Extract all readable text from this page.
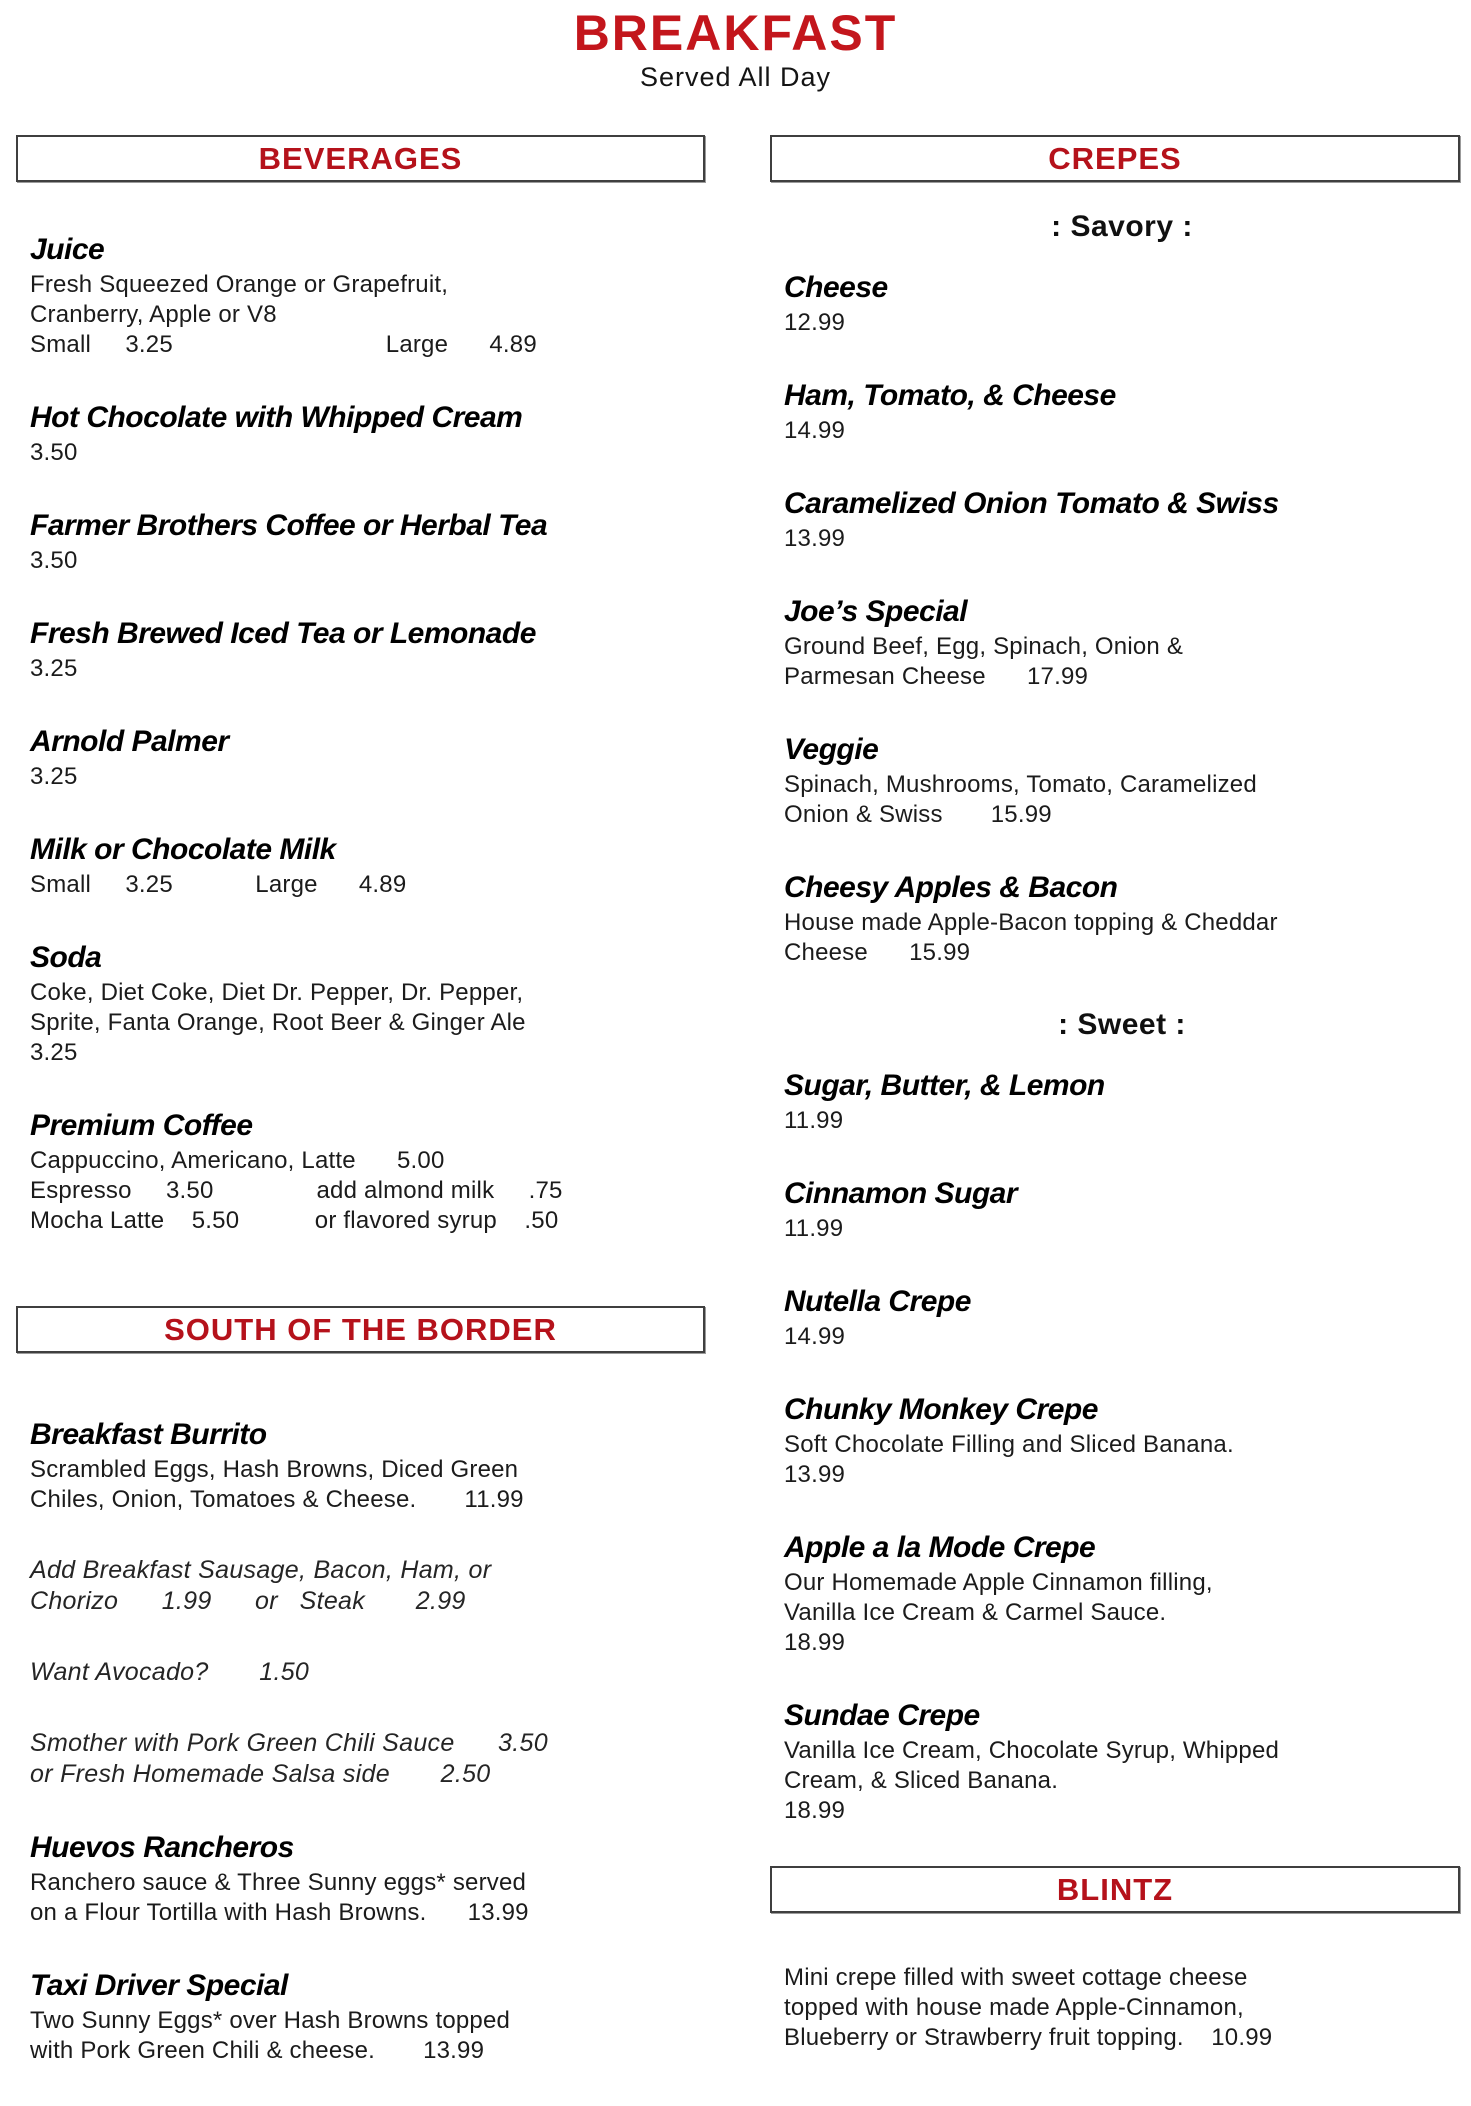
BREAKFAST
Served All Day
BEVERAGES
Juice
Fresh Squeezed Orange or Grapefruit,
Cranberry, Apple or V8
Small     3.25                               Large      4.89
Hot Chocolate with Whipped Cream
3.50
Farmer Brothers Coffee or Herbal Tea
3.50
Fresh Brewed Iced Tea or Lemonade
3.25
Arnold Palmer
3.25
Milk or Chocolate Milk
Small     3.25            Large      4.89
Soda
Coke, Diet Coke, Diet Dr. Pepper, Dr. Pepper,
Sprite, Fanta Orange, Root Beer & Ginger Ale
3.25
Premium Coffee
Cappuccino, Americano, Latte      5.00
Espresso     3.50               add almond milk     .75
Mocha Latte    5.50           or flavored syrup    .50
SOUTH OF THE BORDER
Breakfast Burrito
Scrambled Eggs, Hash Browns, Diced Green
Chiles, Onion, Tomatoes & Cheese.       11.99
Add Breakfast Sausage, Bacon, Ham, or
Chorizo      1.99      or   Steak       2.99
Want Avocado?       1.50
Smother with Pork Green Chili Sauce      3.50
or Fresh Homemade Salsa side       2.50
Huevos Rancheros
Ranchero sauce & Three Sunny eggs* served
on a Flour Tortilla with Hash Browns.      13.99
Taxi Driver Special
Two Sunny Eggs* over Hash Browns topped
with Pork Green Chili & cheese.       13.99
CREPES
: Savory :
Cheese
12.99
Ham, Tomato, & Cheese
14.99
Caramelized Onion Tomato & Swiss
13.99
Joe’s Special
Ground Beef, Egg, Spinach, Onion &
Parmesan Cheese      17.99
Veggie
Spinach, Mushrooms, Tomato, Caramelized
Onion & Swiss       15.99
Cheesy Apples & Bacon
House made Apple-Bacon topping & Cheddar
Cheese      15.99
: Sweet :
Sugar, Butter, & Lemon
11.99
Cinnamon Sugar
11.99
Nutella Crepe
14.99
Chunky Monkey Crepe
Soft Chocolate Filling and Sliced Banana.
13.99
Apple a la Mode Crepe
Our Homemade Apple Cinnamon filling,
Vanilla Ice Cream & Carmel Sauce.
18.99
Sundae Crepe
Vanilla Ice Cream, Chocolate Syrup, Whipped
Cream, & Sliced Banana.
18.99
BLINTZ
Mini crepe filled with sweet cottage cheese
topped with house made Apple-Cinnamon,
Blueberry or Strawberry fruit topping.    10.99
